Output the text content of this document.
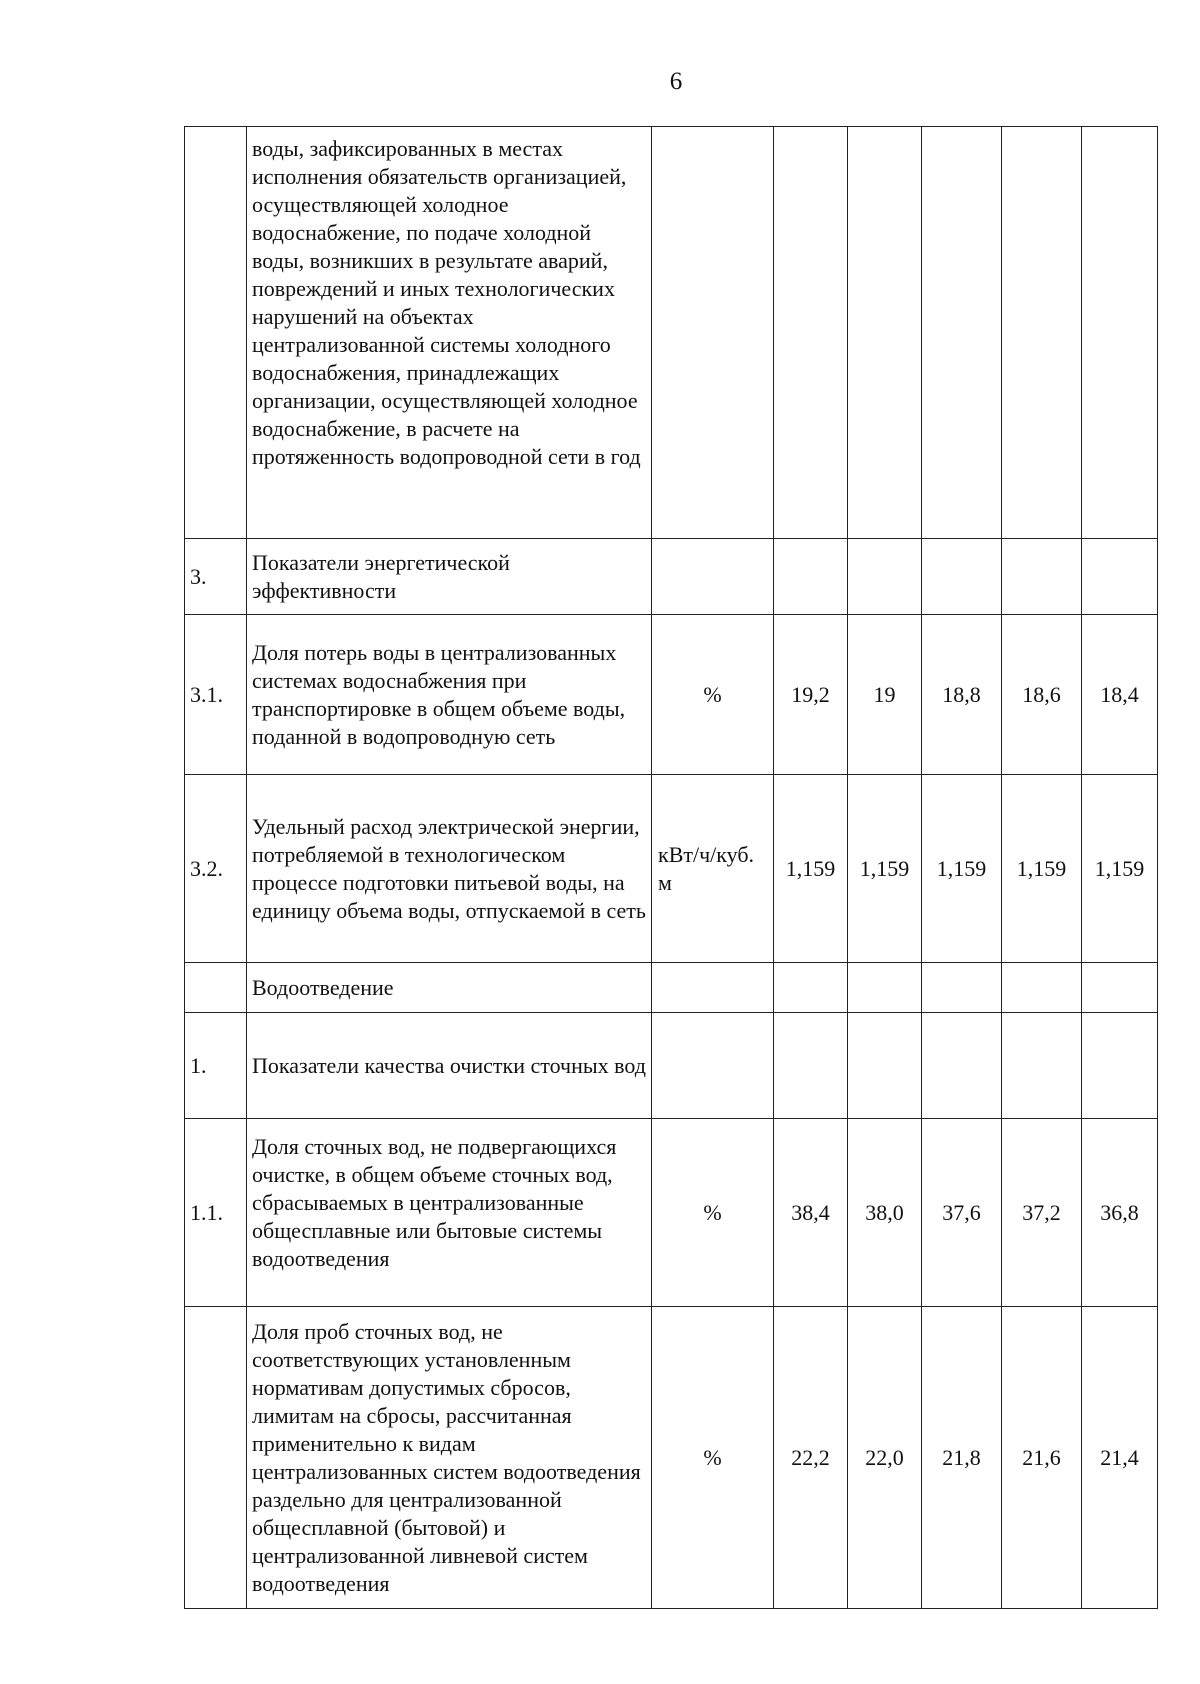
6
	воды, зафиксированных в местах исполнения обязательств организацией, осуществляющей холодное водоснабжение, по подаче холодной воды, возникших в результате аварий, повреждений и иных технологических нарушений на объектах централизованной системы холодного водоснабжения, принадлежащих организации, осуществляющей холодное водоснабжение, в расчете на протяженность водопроводной сети в год						
3.	Показатели энергетической эффективности						
3.1.	Доля потерь воды в централизованных системах водоснабжения при транспортировке в общем объеме воды, поданной в водопроводную сеть	%	19,2	19	18,8	18,6	18,4
3.2.	Удельный расход электрической энергии, потребляемой в технологическом процессе подготовки питьевой воды, на единицу объема воды, отпускаемой в сеть	кВт/ч/куб. м	1,159	1,159	1,159	1,159	1,159
	Водоотведение						
1.	Показатели качества очистки сточных вод						
1.1.	Доля сточных вод, не подвергающихся очистке, в общем объеме сточных вод, сбрасываемых в централизованные общесплавные или бытовые системы водоотведения	%	38,4	38,0	37,6	37,2	36,8
	Доля проб сточных вод, не соответствующих установленным нормативам допустимых сбросов, лимитам на сбросы, рассчитанная применительно к видам централизованных систем водоотведения раздельно для централизованной общесплавной (бытовой) и централизованной ливневой систем водоотведения	%	22,2	22,0	21,8	21,6	21,4
